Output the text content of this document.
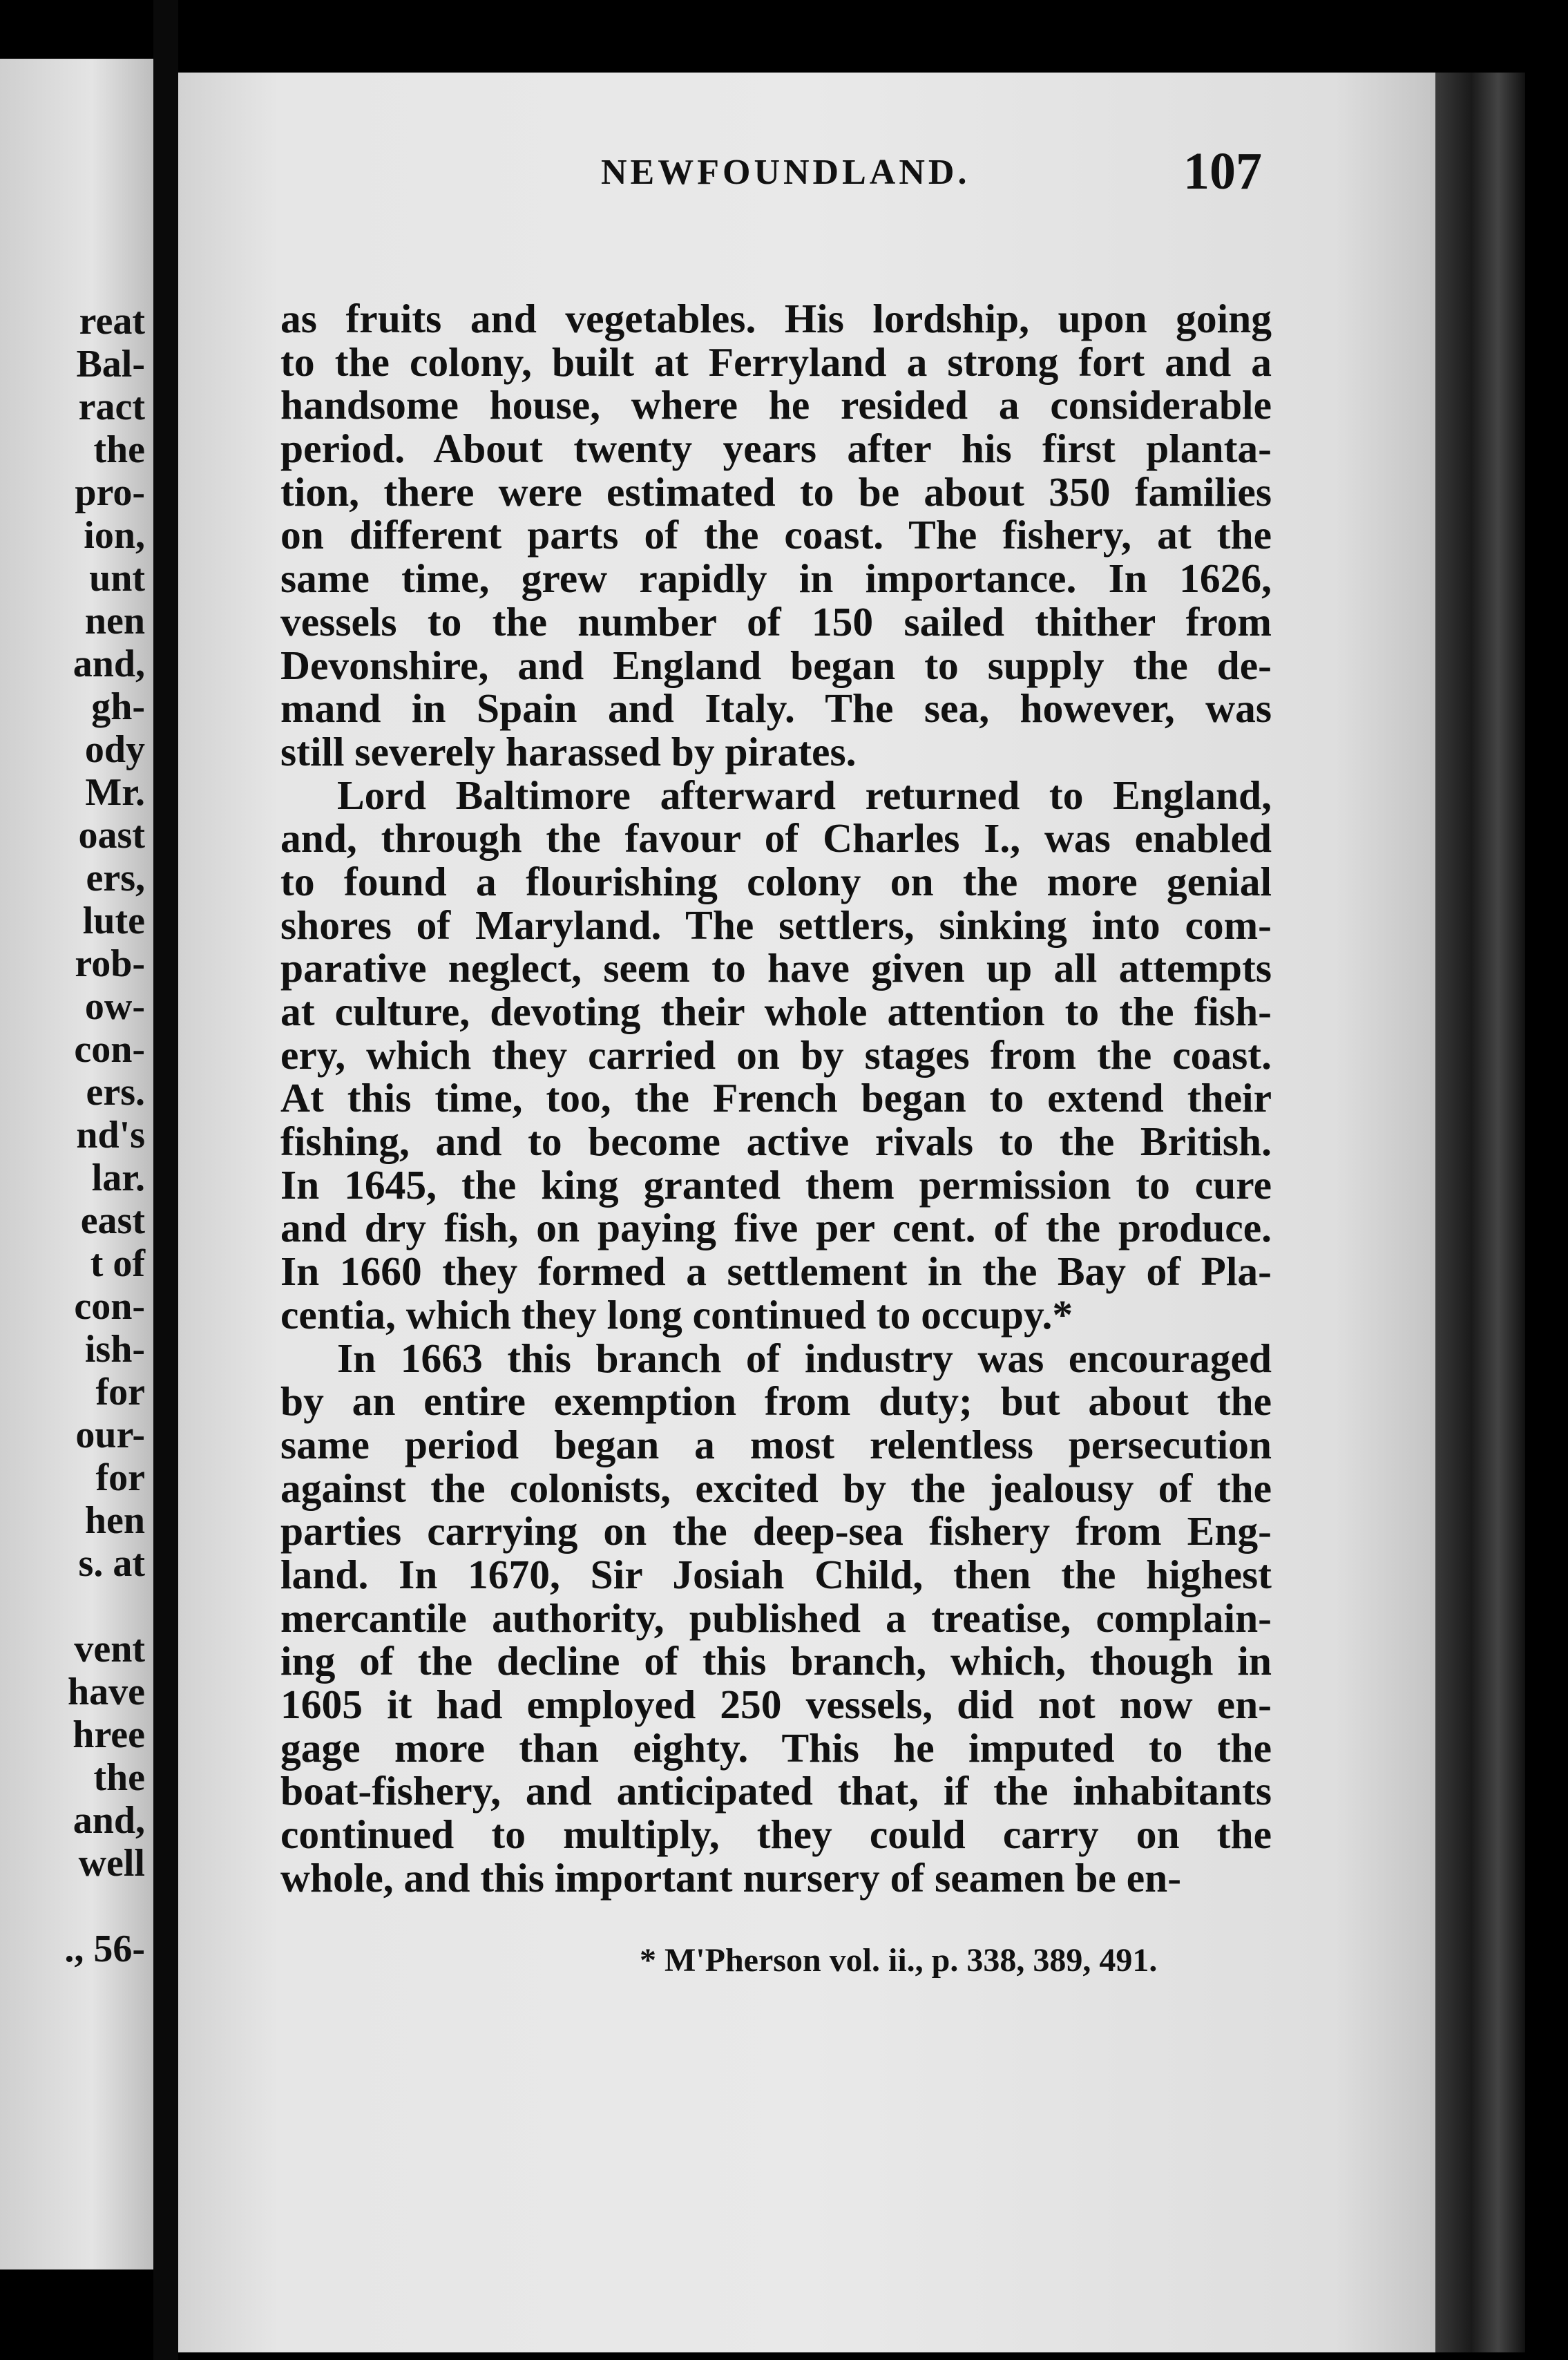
reat
Bal-
ract
the
pro-
ion,
unt
nen
and,
gh-
ody
Mr.
oast
ers,
lute
rob-
ow-
con-
ers.
nd's
lar.
east
t of
con-
ish-
for
our-
for
hen
s. at
vent
have
hree
the
and,
well
., 56-
NEWFOUNDLAND.	107
as fruits and vegetables. His lordship, upon going
to the colony, built at Ferryland a strong fort and a
handsome house, where he resided a considerable
period. About twenty years after his first planta-
tion, there were estimated to be about 350 families
on different parts of the coast. The fishery, at the
same time, grew rapidly in importance. In 1626,
vessels to the number of 150 sailed thither from
Devonshire, and England began to supply the de-
mand in Spain and Italy. The sea, however, was
still severely harassed by pirates.
Lord Baltimore afterward returned to England,
and, through the favour of Charles I., was enabled
to found a flourishing colony on the more genial
shores of Maryland. The settlers, sinking into com-
parative neglect, seem to have given up all attempts
at culture, devoting their whole attention to the fish-
ery, which they carried on by stages from the coast.
At this time, too, the French began to extend their
fishing, and to become active rivals to the British.
In 1645, the king granted them permission to cure
and dry fish, on paying five per cent. of the produce.
In 1660 they formed a settlement in the Bay of Pla-
centia, which they long continued to occupy.*
In 1663 this branch of industry was encouraged
by an entire exemption from duty; but about the
same period began a most relentless persecution
against the colonists, excited by the jealousy of the
parties carrying on the deep-sea fishery from Eng-
land. In 1670, Sir Josiah Child, then the highest
mercantile authority, published a treatise, complain-
ing of the decline of this branch, which, though in
1605 it had employed 250 vessels, did not now en-
gage more than eighty. This he imputed to the
boat-fishery, and anticipated that, if the inhabitants
continued to multiply, they could carry on the
whole, and this important nursery of seamen be en-
* M'Pherson vol. ii., p. 338, 389, 491.
